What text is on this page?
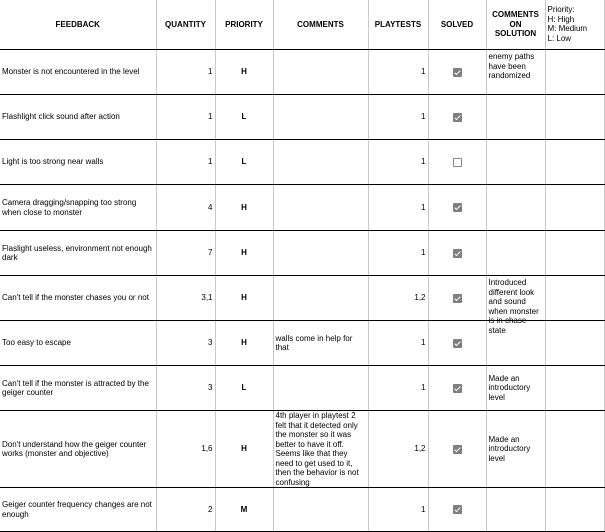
FEEDBACK	QUANTITY	PRIORITY	COMMENTS	PLAYTESTS	SOLVED	COMMENTS ON SOLUTION	Priority:
H: High
M: Medium
L: Low

Monster is not encountered in the level	1	H		1		enemy paths have been randomized	

Flashlight click sound after action	1	L		1		

Light is too strong near walls	1	L		1		

Camera dragging/snapping too strong when close to monster	4	H		1		

Flaslight useless, environment not enough dark	7	H		1		

Can't tell if the monster chases you or not	3,1	H		1,2		Introduced different look and sound when monster is in chase state	

Too easy to escape	3	H	walls come in help for that	1		

Can't tell if the monster is attracted by the geiger counter	3	L		1		Made an introductory level	

Don't understand how the geiger counter works (monster and objective)	1,6	H	4th player in playtest 2 felt that it detected only the monster so it was better to have it off.
Seems like that they need to get used to it, then the behavior is not confusing	1,2		Made an introductory level	

Geiger counter frequency changes are not enough	2	M		1		
